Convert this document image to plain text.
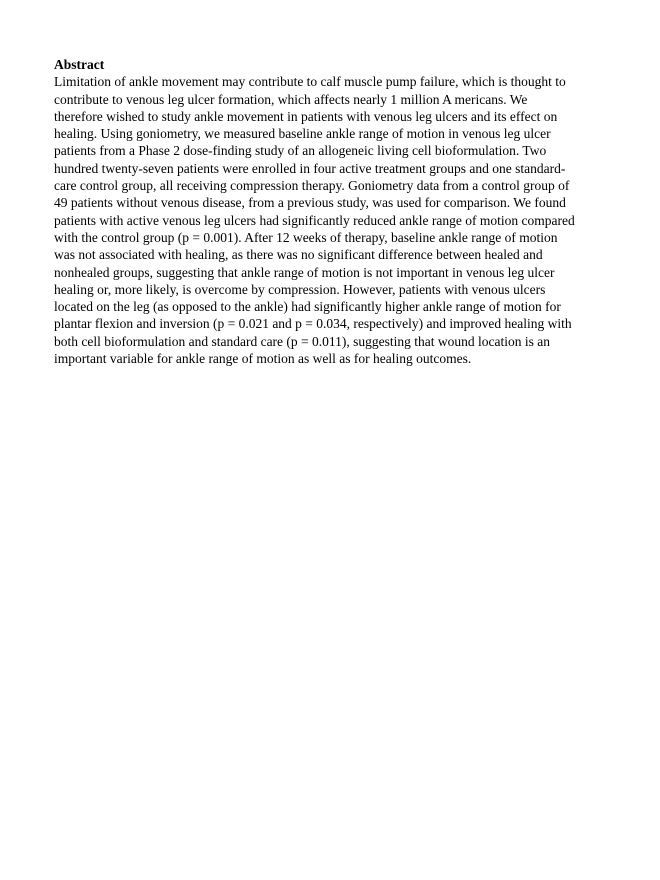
Abstract

Limitation of ankle movement may contribute to calf muscle pump failure, which is thought to
contribute to venous leg ulcer formation, which affects nearly 1 million A mericans. We
therefore wished to study ankle movement in patients with venous leg ulcers and its effect on
healing. Using goniometry, we measured baseline ankle range of motion in venous leg ulcer
patients from a Phase 2 dose-finding study of an allogeneic living cell bioformulation. Two
hundred twenty-seven patients were enrolled in four active treatment groups and one standard-
care control group, all receiving compression therapy. Goniometry data from a control group of
49 patients without venous disease, from a previous study, was used for comparison. We found
patients with active venous leg ulcers had significantly reduced ankle range of motion compared
with the control group (p = 0.001). After 12 weeks of therapy, baseline ankle range of motion
was not associated with healing, as there was no significant difference between healed and
nonhealed groups, suggesting that ankle range of motion is not important in venous leg ulcer
healing or, more likely, is overcome by compression. However, patients with venous ulcers
located on the leg (as opposed to the ankle) had significantly higher ankle range of motion for
plantar flexion and inversion (p = 0.021 and p = 0.034, respectively) and improved healing with
both cell bioformulation and standard care (p = 0.011), suggesting that wound location is an
important variable for ankle range of motion as well as for healing outcomes.
